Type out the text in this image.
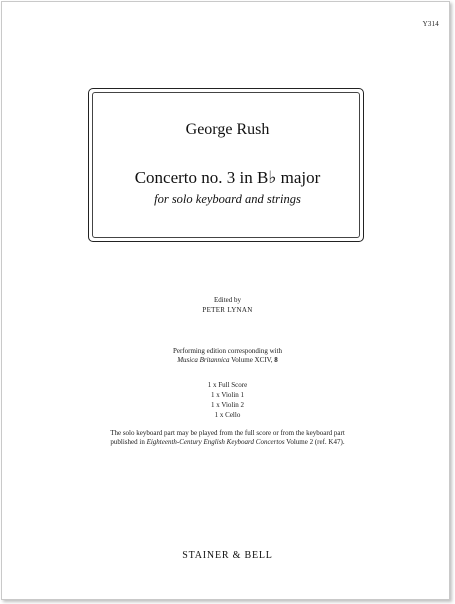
Y314
George Rush
Concerto no. 3 in B♭ major
for solo keyboard and strings
Edited by
PETER LYNAN
Performing edition corresponding with
Musica Britannica Volume XCIV, 8
1 x Full Score
1 x Violin 1
1 x Violin 2
1 x Cello
The solo keyboard part may be played from the full score or from the keyboard part
published in Eighteenth-Century English Keyboard Concertos Volume 2 (ref. K47).
STAINER & BELL
